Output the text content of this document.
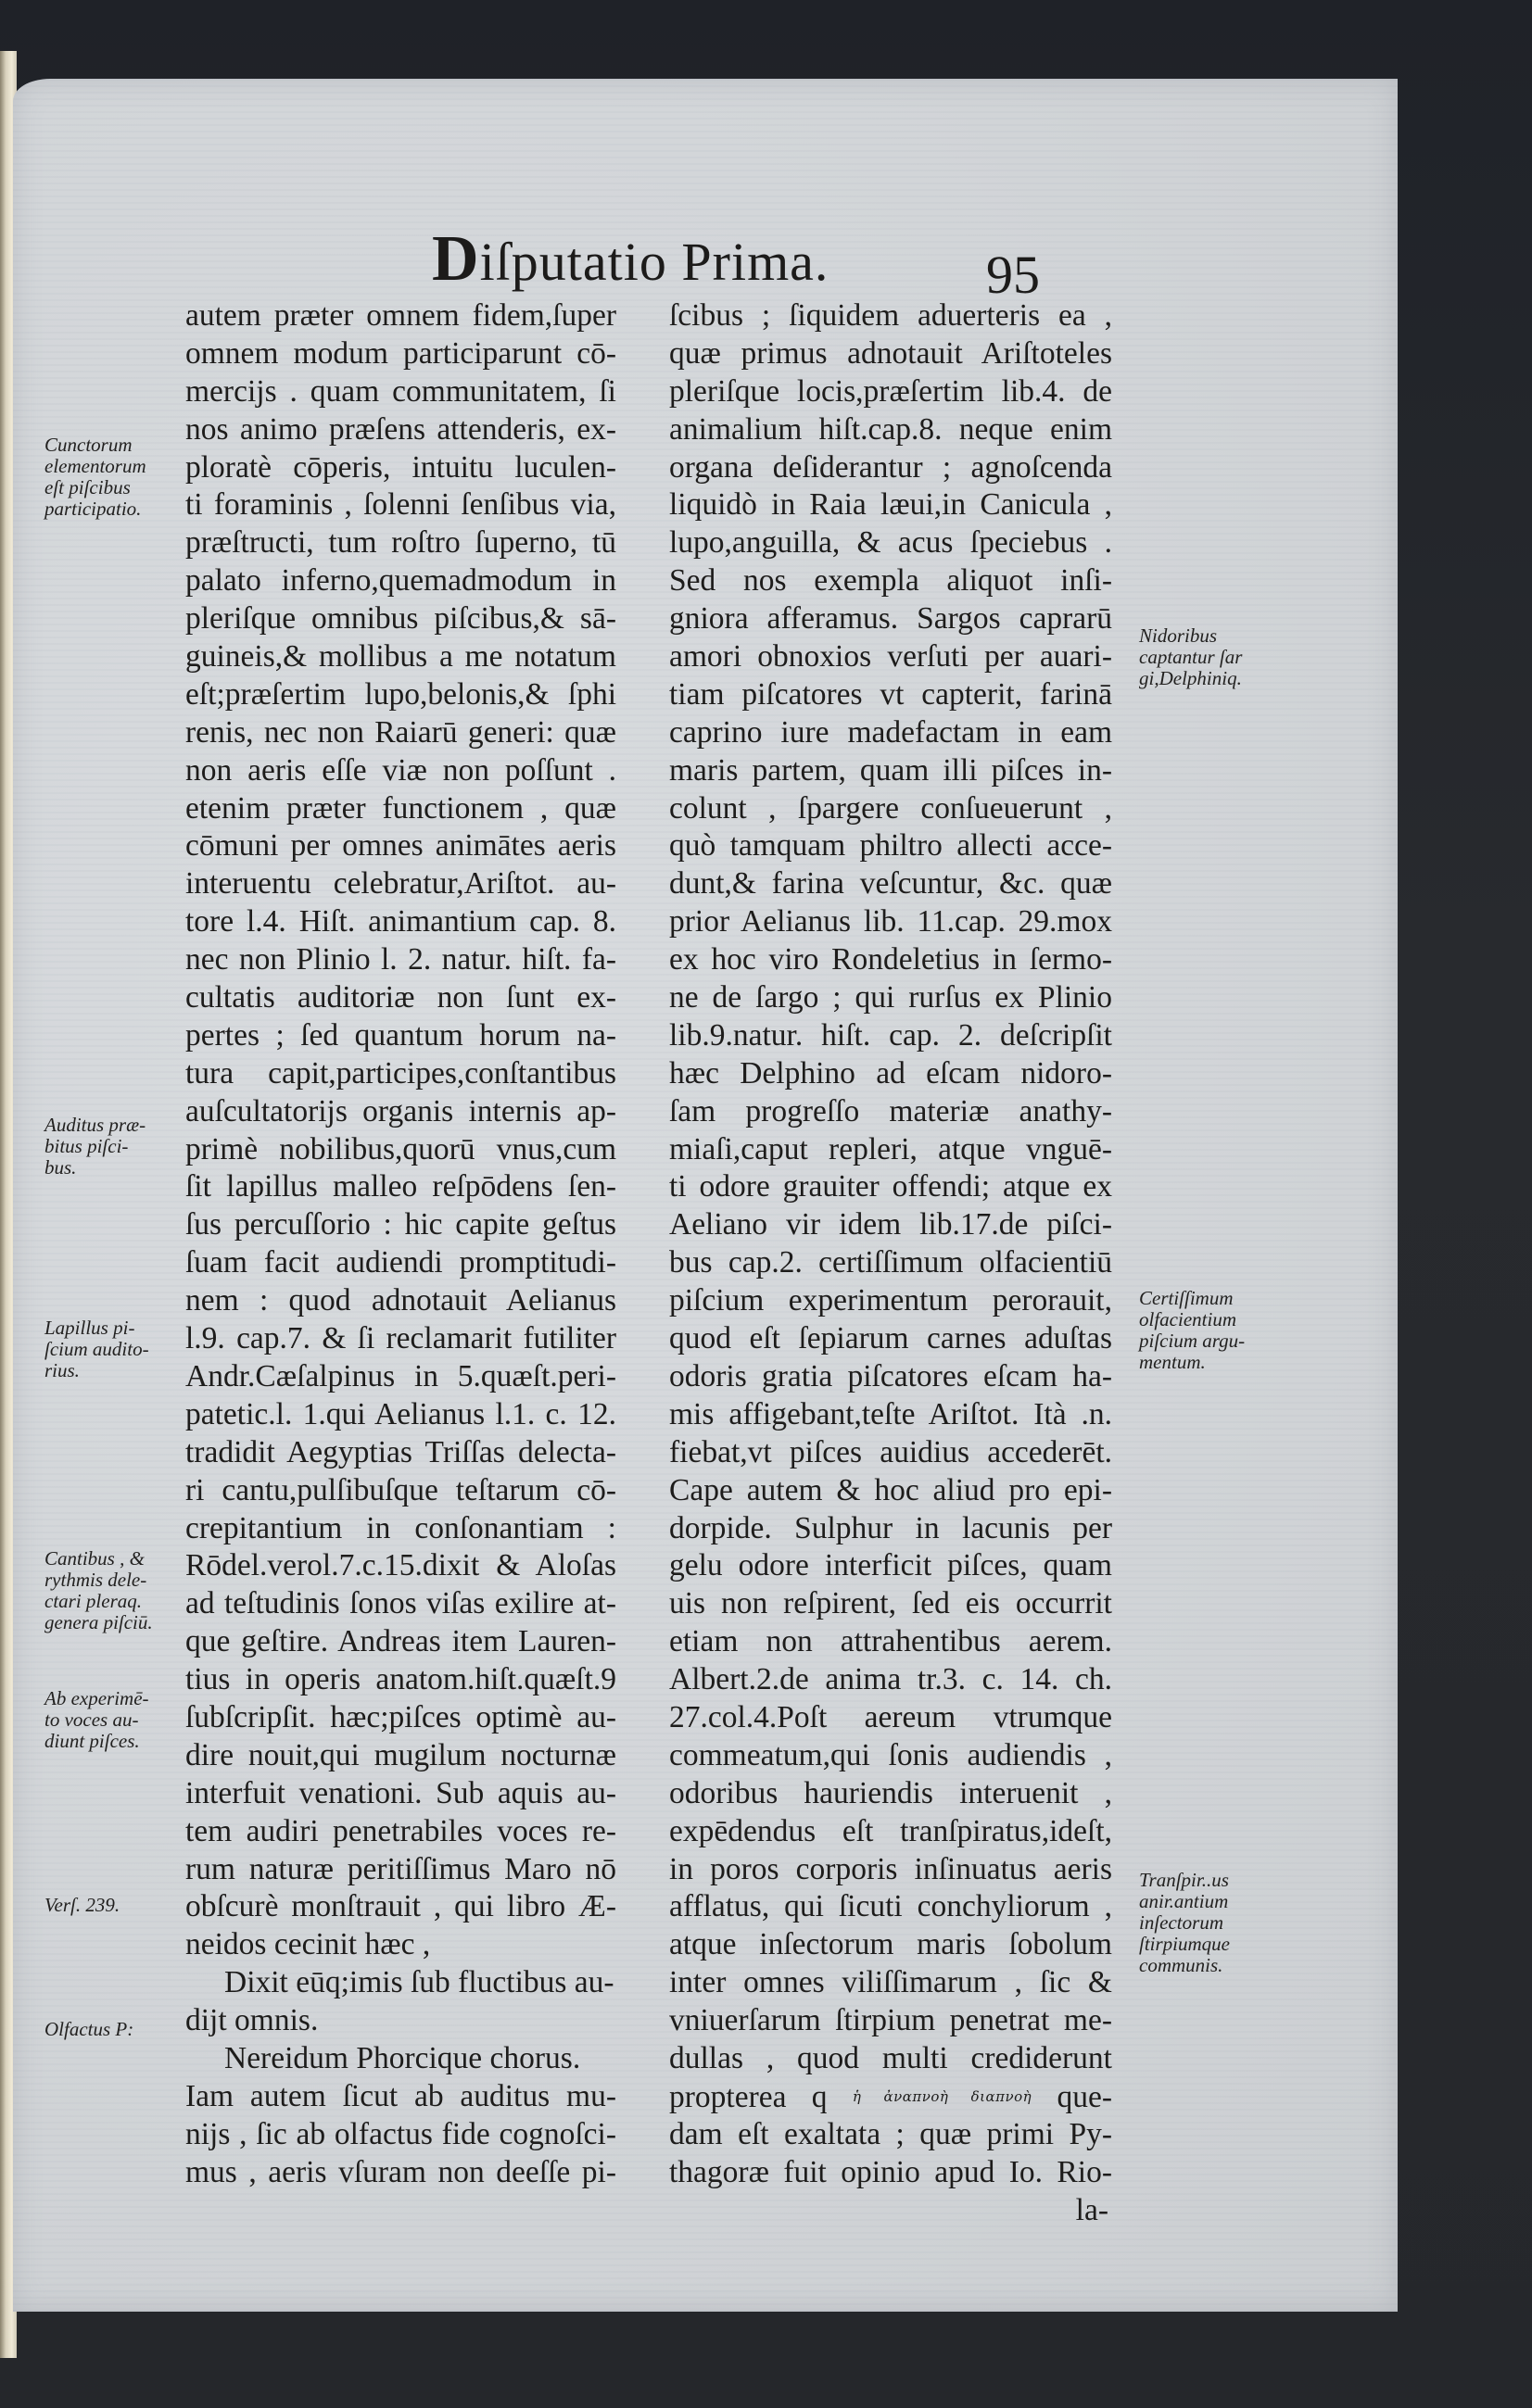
Diſputatio Prima.	95
autem præter omnem fidem,ſuper
omnem modum participarunt cō-
mercijs . quam communitatem, ſi
nos animo præſens attenderis, ex-
ploratè cōperis, intuitu luculen-
ti foraminis , ſolenni ſenſibus via,
præſtructi, tum roſtro ſuperno, tū
palato inferno,quemadmodum in
pleriſque omnibus piſcibus,& sā-
guineis,& mollibus a me notatum
eſt;præſertim lupo,belonis,& ſphi
renis, nec non Raiarū generi: quæ
non aeris eſſe viæ non poſſunt .
etenim præter functionem , quæ
cōmuni per omnes animātes aeris
interuentu celebratur,Ariſtot. au-
tore l.4. Hiſt. animantium cap. 8.
nec non Plinio l. 2. natur. hiſt. fa-
cultatis auditoriæ non ſunt ex-
pertes ; ſed quantum horum na-
tura capit,participes,conſtantibus
auſcultatorijs organis internis ap-
primè nobilibus,quorū vnus,cum
ſit lapillus malleo reſpōdens ſen-
ſus percuſſorio : hic capite geſtus
ſuam facit audiendi promptitudi-
nem : quod adnotauit Aelianus
l.9. cap.7. & ſi reclamarit futiliter
Andr.Cæſalpinus in 5.quæſt.peri-
patetic.l. 1.qui Aelianus l.1. c. 12.
tradidit Aegyptias Triſſas delecta-
ri cantu,pulſibuſque teſtarum cō-
crepitantium in conſonantiam :
Rōdel.verol.7.c.15.dixit & Aloſas
ad teſtudinis ſonos viſas exilire at-
que geſtire. Andreas item Lauren-
tius in operis anatom.hiſt.quæſt.9
ſubſcripſit. hæc;piſces optimè au-
dire nouit,qui mugilum nocturnæ
interfuit venationi. Sub aquis au-
tem audiri penetrabiles voces re-
rum naturæ peritiſſimus Maro nō
obſcurè monſtrauit , qui libro Æ-
neidos cecinit hæc ,
Dixit eūq;imis ſub fluctibus au-
dijt omnis.
Nereidum Phorcique chorus.
Iam autem ſicut ab auditus mu-
nijs , ſic ab olfactus fide cognoſci-
mus , aeris vſuram non deeſſe pi-
ſcibus ; ſiquidem aduerteris ea ,
quæ primus adnotauit Ariſtoteles
pleriſque locis,præſertim lib.4. de
animalium hiſt.cap.8. neque enim
organa deſiderantur ; agnoſcenda
liquidò in Raia læui,in Canicula ,
lupo,anguilla, & acus ſpeciebus .
Sed nos exempla aliquot inſi-
gniora afferamus. Sargos caprarū
amori obnoxios verſuti per auari-
tiam piſcatores vt capterit, farinā
caprino iure madefactam in eam
maris partem, quam illi piſces in-
colunt , ſpargere conſueuerunt ,
quò tamquam philtro allecti acce-
dunt,& farina veſcuntur, &c. quæ
prior Aelianus lib. 11.cap. 29.mox
ex hoc viro Rondeletius in ſermo-
ne de ſargo ; qui rurſus ex Plinio
lib.9.natur. hiſt. cap. 2. deſcripſit
hæc Delphino ad eſcam nidoro-
ſam progreſſo materiæ anathy-
miaſi,caput repleri, atque vnguē-
ti odore grauiter offendi; atque ex
Aeliano vir idem lib.17.de piſci-
bus cap.2. certiſſimum olfacientiū
piſcium experimentum perorauit,
quod eſt ſepiarum carnes aduſtas
odoris gratia piſcatores eſcam ha-
mis affigebant,teſte Ariſtot. Ità .n.
fiebat,vt piſces auidius accederēt.
Cape autem & hoc aliud pro epi-
dorpide. Sulphur in lacunis per
gelu odore interficit piſces, quam
uis non reſpirent, ſed eis occurrit
etiam non attrahentibus aerem.
Albert.2.de anima tr.3. c. 14. ch.
27.col.4.Poſt aereum vtrumque
commeatum,qui ſonis audiendis ,
odoribus hauriendis interuenit ,
expēdendus eſt tranſpiratus,ideſt,
in poros corporis inſinuatus aeris
afflatus, qui ſicuti conchyliorum ,
atque inſectorum maris ſobolum
inter omnes viliſſimarum , ſic &
vniuerſarum ſtirpium penetrat me-
dullas , quod multi crediderunt
propterea q ἡ ἀναπνοὴ διαπνοὴ que-
dam eſt exaltata ; quæ primi Py-
thagoræ fuit opinio apud Io. Rio-
la-
Cunctorum
elementorum
eſt piſcibus
participatio.
Auditus præ-
bitus piſci-
bus.
Lapillus pi-
ſcium audito-
rius.
Cantibus , &
rythmis dele-
ctari pleraq.
genera piſciū.
Ab experimē-
to voces au-
diunt piſces.
Verſ. 239.
Olfactus P:
Nidoribus
captantur ſar
gi,Delphiniq.
Certiſſimum
olfacientium
piſcium argu-
mentum.
Tranſpir..us
anir.antium
inſectorum
ſtirpiumque
communis.
